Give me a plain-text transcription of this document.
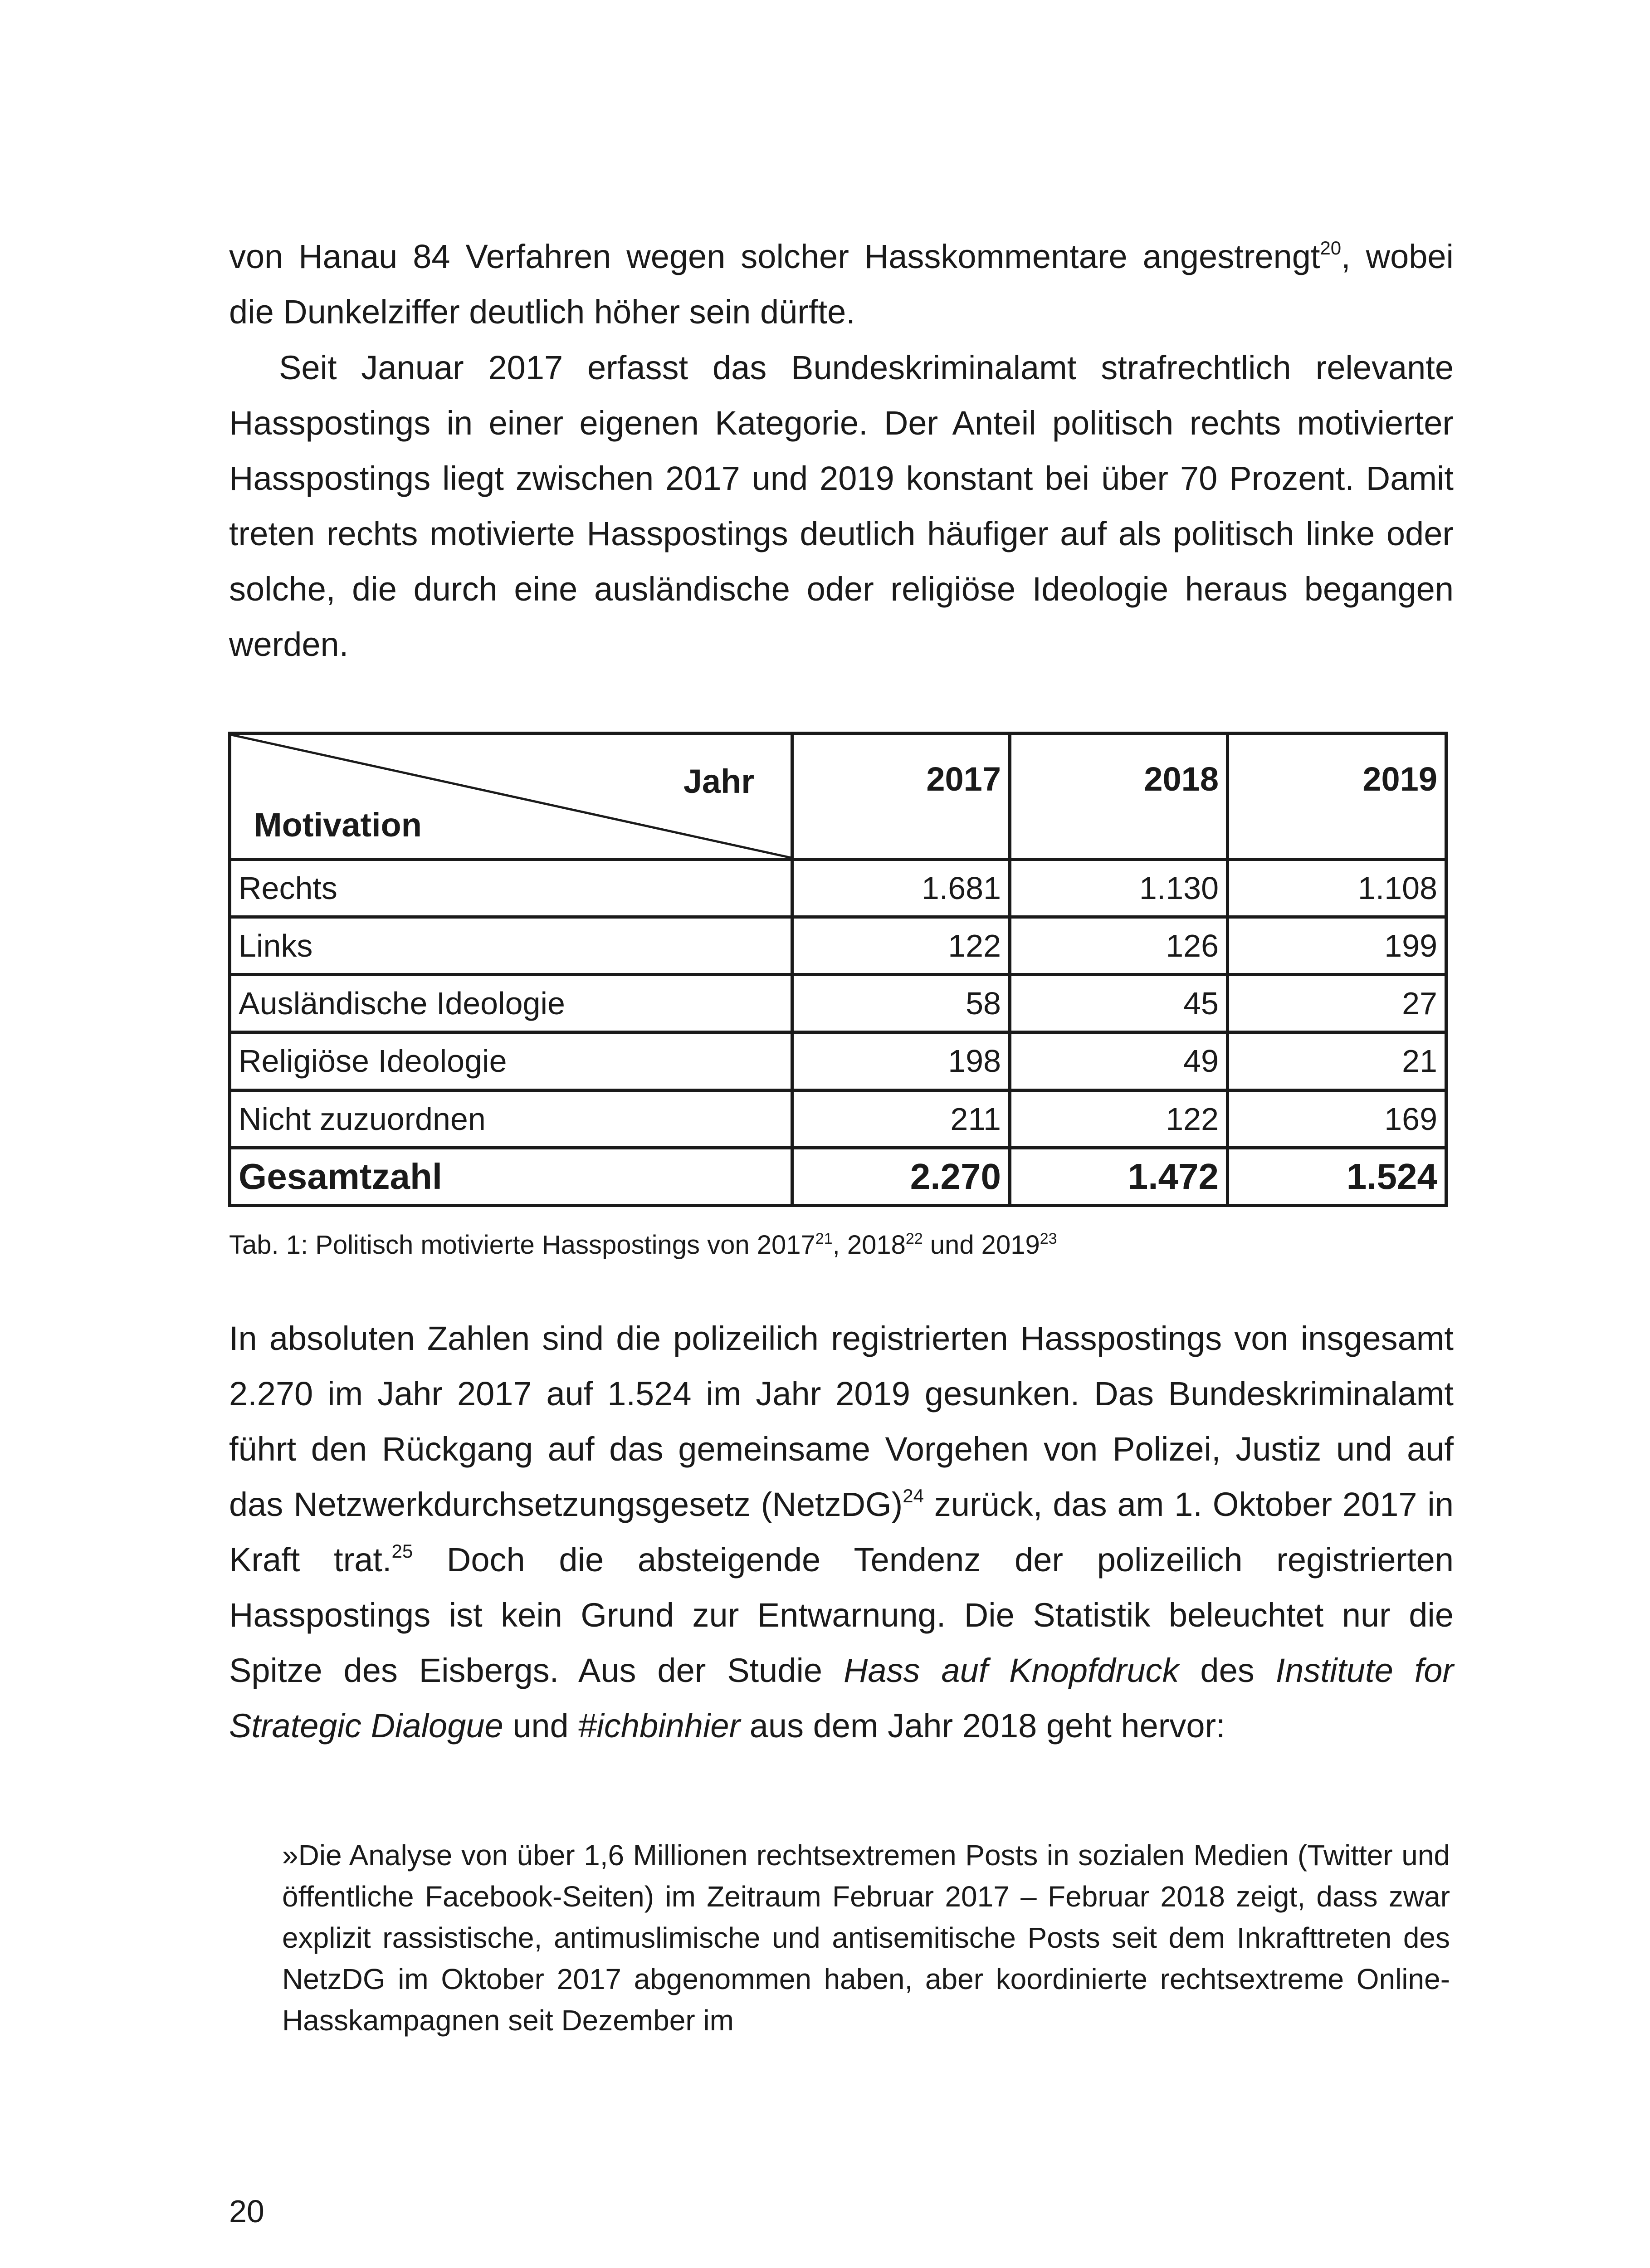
von Hanau 84 Verfahren wegen solcher Hasskommentare angestrengt$^{20}$, wobei die Dunkelziffer deutlich höher sein dürfte.

Seit Januar 2017 erfasst das Bundeskriminalamt strafrechtlich relevante Hasspostings in einer eigenen Kategorie. Der Anteil politisch rechts motivierter Hasspostings liegt zwischen 2017 und 2019 konstant bei über 70 Prozent. Damit treten rechts motivierte Hasspostings deutlich häufiger auf als politisch linke oder solche, die durch eine ausländische oder religiöse Ideologie heraus begangen werden.

Jahr
Motivation	2017	2018	2019
Rechts	1.681	1.130	1.108
Links	122	126	199
Ausländische Ideologie	58	45	27
Religiöse Ideologie	198	49	21
Nicht zuzuordnen	211	122	169
Gesamtzahl	2.270	1.472	1.524
Tab. 1: Politisch motivierte Hasspostings von 2017$^{21}$, 2018$^{22}$ und 2019$^{23}$

In absoluten Zahlen sind die polizeilich registrierten Hasspostings von insgesamt 2.270 im Jahr 2017 auf 1.524 im Jahr 2019 gesunken. Das Bundeskriminalamt führt den Rückgang auf das gemeinsame Vorgehen von Polizei, Justiz und auf das Netzwerkdurchsetzungsgesetz (NetzDG)$^{24}$ zurück, das am 1. Oktober 2017 in Kraft trat.$^{25}$ Doch die absteigende Tendenz der polizeilich registrierten Hasspostings ist kein Grund zur Entwarnung. Die Statistik beleuchtet nur die Spitze des Eisbergs. Aus der Studie Hass auf Knopfdruck des Institute for Strategic Dialogue und #ichbinhier aus dem Jahr 2018 geht hervor:

»Die Analyse von über 1,6 Millionen rechtsextremen Posts in sozialen Medien (Twitter und öffentliche Facebook-Seiten) im Zeitraum Februar 2017 – Februar 2018 zeigt, dass zwar explizit rassistische, antimuslimische und antisemitische Posts seit dem Inkrafttreten des NetzDG im Oktober 2017 abgenommen haben, aber koordinierte rechtsextreme Online-Hasskampagnen seit Dezember im

20
